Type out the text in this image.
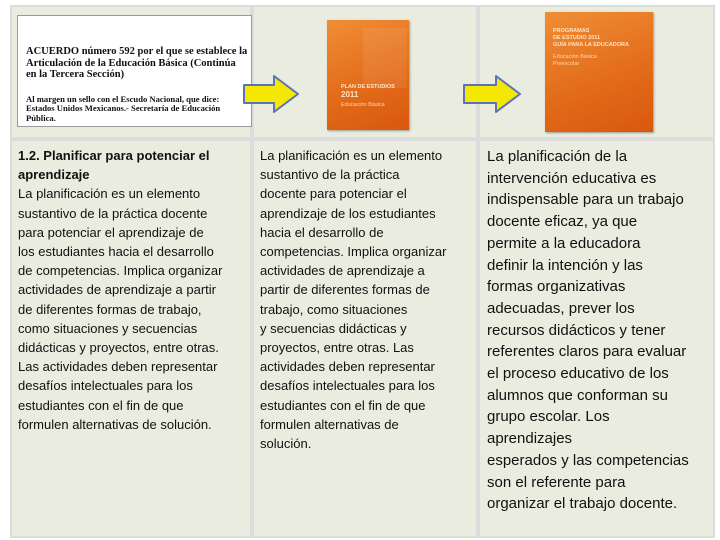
ACUERDO número 592 por el que se establece la Articulación de la Educación Básica (Continúa en la Tercera Sección)
Al margen un sello con el Escudo Nacional, que dice: Estados Unidos Mexicanos.- Secretaría de Educación Pública.
PLAN DE ESTUDIOS
2011
Educación Básica
PROGRAMAS
DE ESTUDIO 2011
GUÍA PARA LA EDUCADORA
Educación Básica
Preescolar
1.2. Planificar para potenciar el aprendizaje
La planificación es un elemento
sustantivo de la práctica docente
para potenciar el aprendizaje de
los estudiantes hacia el desarrollo
de competencias. Implica organizar
actividades de aprendizaje a partir
de diferentes formas de trabajo,
como situaciones y secuencias
didácticas y proyectos, entre otras.
Las actividades deben representar
desafíos intelectuales para los
estudiantes con el fin de que
formulen alternativas de solución.
La planificación es un elemento
sustantivo de la práctica
docente para potenciar el
aprendizaje de los estudiantes
hacia el desarrollo de
competencias. Implica organizar
actividades de aprendizaje a
partir de diferentes formas de
trabajo, como situaciones
y secuencias didácticas y
proyectos, entre otras. Las
actividades deben representar
desafíos intelectuales para los
estudiantes con el fin de que
formulen alternativas de
solución.
La planificación de la
intervención educativa es
indispensable para un trabajo
docente eficaz, ya que
permite a la educadora
definir la intención y las
formas organizativas
adecuadas, prever los
recursos didácticos y tener
referentes claros para evaluar
el proceso educativo de los
alumnos que conforman su
grupo escolar. Los
aprendizajes
esperados y las competencias
son el referente para
organizar el trabajo docente.
